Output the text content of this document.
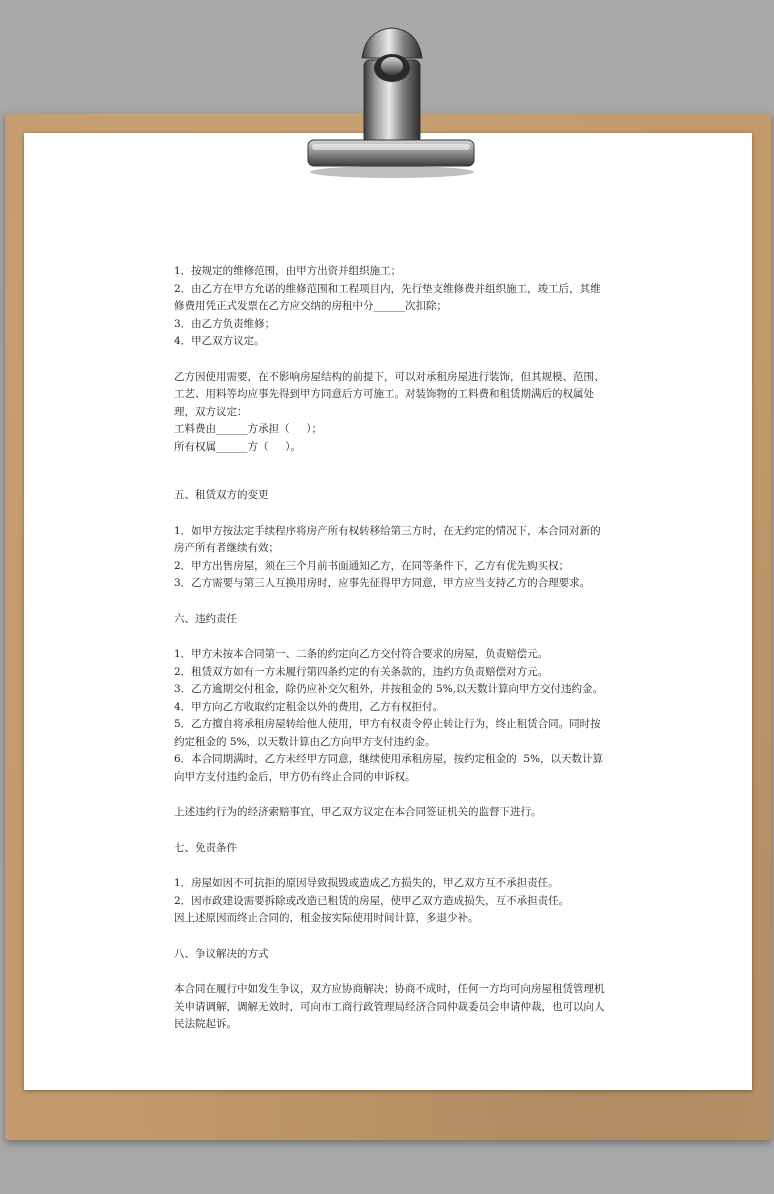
1．按规定的维修范围，由甲方出资并组织施工；

2．由乙方在甲方允诺的维修范围和工程项目内，先行垫支维修费并组织施工，竣工后，其维修费用凭正式发票在乙方应交纳的房租中分______次扣除；

3．由乙方负责维修；

4．甲乙双方议定。

乙方因使用需要，在不影响房屋结构的前提下，可以对承租房屋进行装饰，但其规模、范围、工艺、用料等均应事先得到甲方同意后方可施工。对装饰物的工料费和租赁期满后的权属处理，双方议定：

工料费由______方承担（     ）；

所有权属______方（     ）。

五、租赁双方的变更

1．如甲方按法定手续程序将房产所有权转移给第三方时，在无约定的情况下，本合同对新的房产所有者继续有效；

2．甲方出售房屋，须在三个月前书面通知乙方，在同等条件下，乙方有优先购买权；

3．乙方需要与第三人互换用房时，应事先征得甲方同意，甲方应当支持乙方的合理要求。

六、违约责任

1．甲方未按本合同第一、二条的约定向乙方交付符合要求的房屋，负责赔偿元。

2．租赁双方如有一方未履行第四条约定的有关条款的，违约方负责赔偿对方元。

3．乙方逾期交付租金，除仍应补交欠租外，并按租金的 5%,以天数计算向甲方交付违约金。

4．甲方向乙方收取约定租金以外的费用，乙方有权拒付。

5．乙方擅自将承租房屋转给他人使用，甲方有权责令停止转让行为，终止租赁合同。同时按约定租金的 5%，以天数计算由乙方向甲方支付违约金。

6．本合同期满时，乙方未经甲方同意，继续使用承租房屋，按约定租金的  5%，以天数计算向甲方支付违约金后，甲方仍有终止合同的申诉权。

上述违约行为的经济索赔事宜，甲乙双方议定在本合同签证机关的监督下进行。

七、免责条件

1．房屋如因不可抗拒的原因导致损毁或造成乙方损失的，甲乙双方互不承担责任。

2．因市政建设需要拆除或改造已租赁的房屋，使甲乙双方造成损失，互不承担责任。

因上述原因而终止合同的，租金按实际使用时间计算，多退少补。

八、争议解决的方式

本合同在履行中如发生争议，双方应协商解决；协商不成时，任何一方均可向房屋租赁管理机关申请调解，调解无效时，可向市工商行政管理局经济合同仲裁委员会申请仲裁，也可以向人民法院起诉。
